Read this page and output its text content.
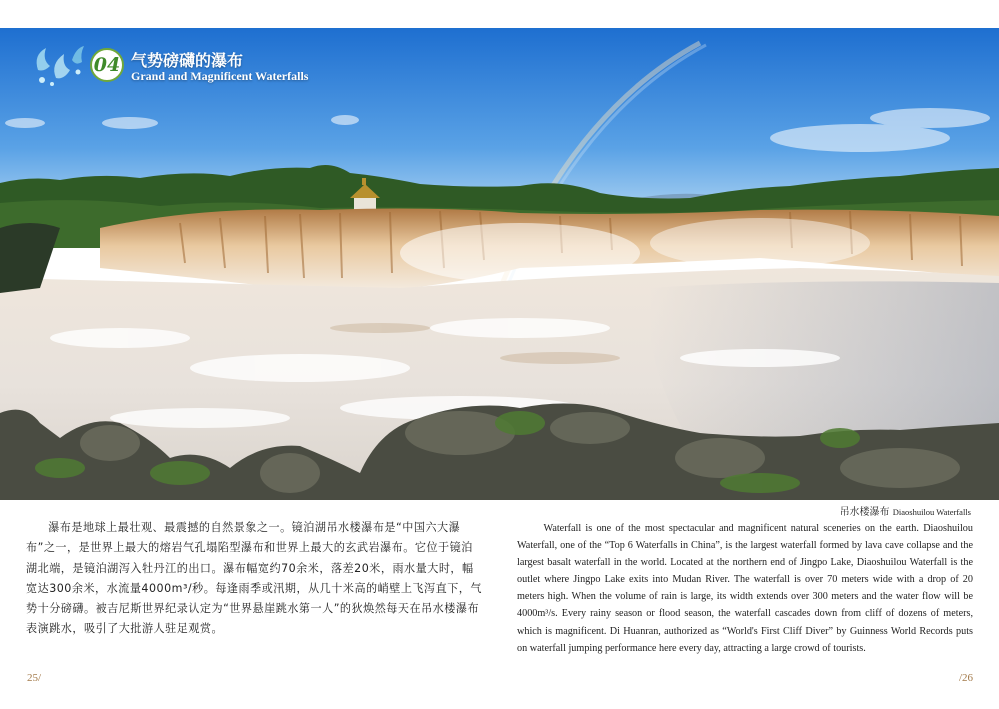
04 气势磅礴的瀑布
Grand and Magnificent Waterfalls
吊水楼瀑布 Diaoshuilou Waterfalls

瀑布是地球上最壮观、最震撼的自然景象之一。镜泊湖吊水楼瀑布是“中国六大瀑布”之一，是世界上最大的熔岩气孔塌陷型瀑布和世界上最大的玄武岩瀑布。它位于镜泊湖北端，是镜泊湖泻入牡丹江的出口。瀑布幅宽约70余米，落差20米，雨水量大时，幅宽达300余米，水流量4000m³/秒。每逢雨季或汛期，从几十米高的峭壁上飞泻直下，气势十分磅礴。被吉尼斯世界纪录认定为“世界悬崖跳水第一人”的狄焕然每天在吊水楼瀑布表演跳水，吸引了大批游人驻足观赏。

Waterfall is one of the most spectacular and magnificent natural sceneries on the earth. Diaoshuilou Waterfall, one of the “Top 6 Waterfalls in China”, is the largest waterfall formed by lava cave collapse and the largest basalt waterfall in the world. Located at the northern end of Jingpo Lake, Diaoshuilou Waterfall is the outlet where Jingpo Lake exits into Mudan River. The waterfall is over 70 meters wide with a drop of 20 meters high. When the volume of rain is large, its width extends over 300 meters and the water flow will be 4000m³/s. Every rainy season or flood season, the waterfall cascades down from cliff of dozens of meters, which is magnificent. Di Huanran, authorized as “World's First Cliff Diver” by Guinness World Records puts on waterfall jumping performance here every day, attracting a large crowd of tourists.

25/	/26
